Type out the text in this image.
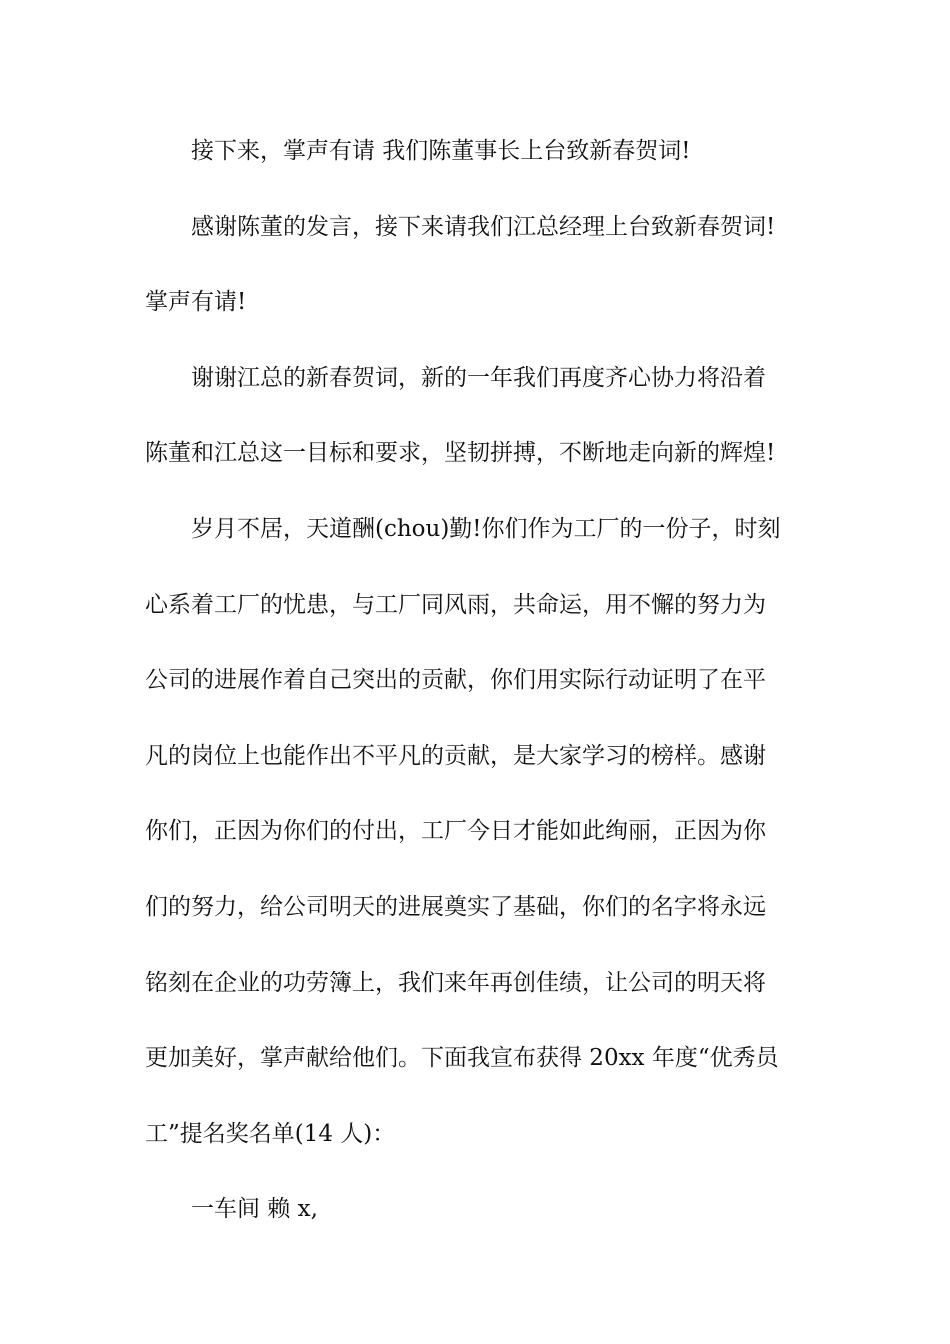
接下来，掌声有请 我们陈董事长上台致新春贺词!
感谢陈董的发言，接下来请我们江总经理上台致新春贺词!
掌声有请!
谢谢江总的新春贺词，新的一年我们再度齐心协力将沿着
陈董和江总这一目标和要求，坚韧拼搏，不断地走向新的辉煌!
岁月不居，天道酬(chou)勤!你们作为工厂的一份子，时刻
心系着工厂的忧患，与工厂同风雨，共命运，用不懈的努力为
公司的进展作着自己突出的贡献，你们用实际行动证明了在平
凡的岗位上也能作出不平凡的贡献，是大家学习的榜样。感谢
你们，正因为你们的付出，工厂今日才能如此绚丽，正因为你
们的努力，给公司明天的进展奠实了基础，你们的名字将永远
铭刻在企业的功劳簿上，我们来年再创佳绩，让公司的明天将
更加美好，掌声献给他们。下面我宣布获得 20xx 年度“优秀员
工”提名奖名单(14 人)：
一车间 赖 x,
